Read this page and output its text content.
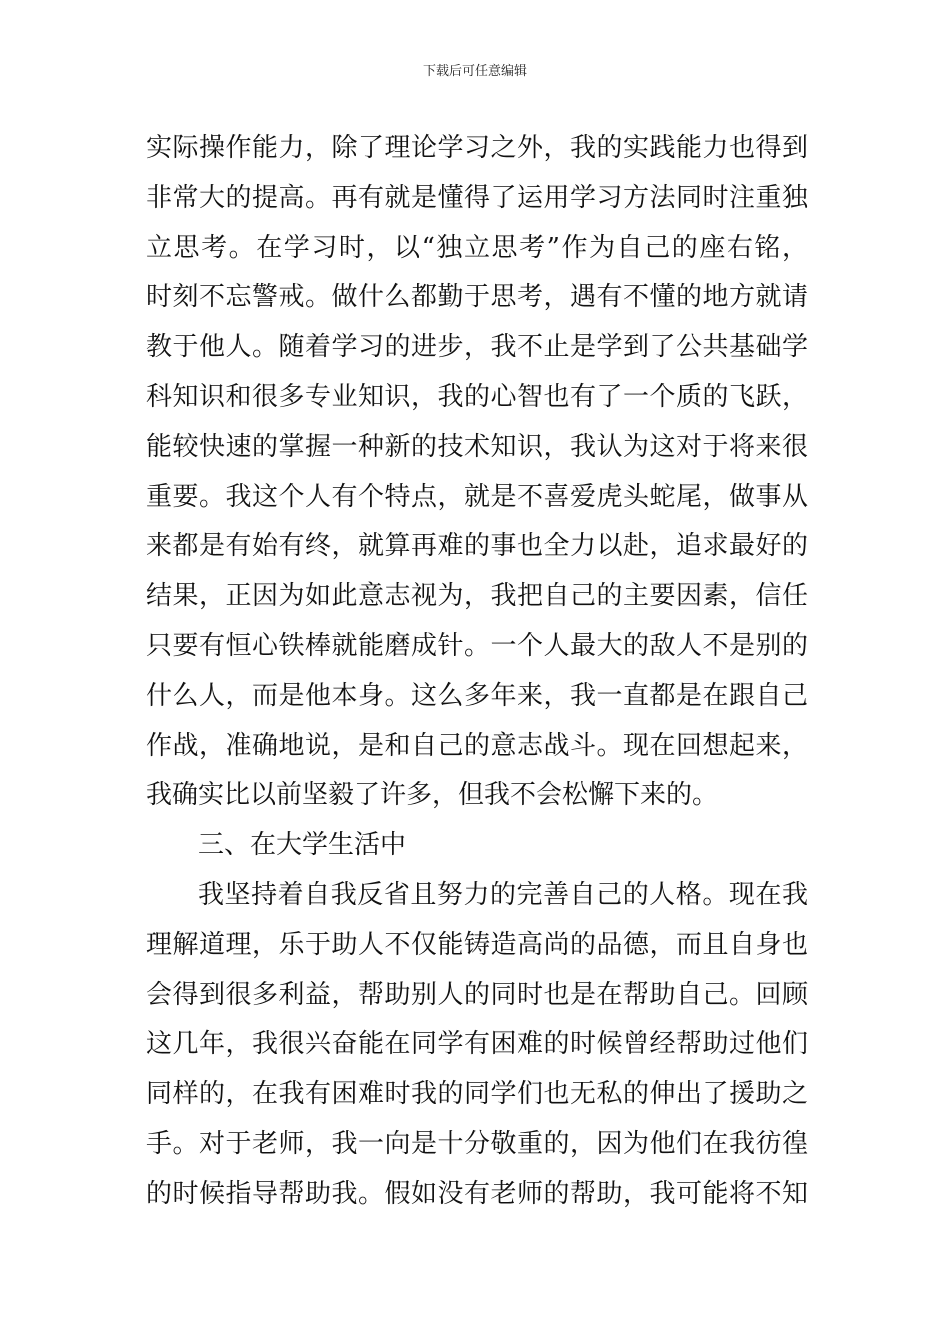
下载后可任意编辑
实际操作能力，除了理论学习之外，我的实践能力也得到
非常大的提高。再有就是懂得了运用学习方法同时注重独
立思考。在学习时，以“独立思考”作为自己的座右铭，
时刻不忘警戒。做什么都勤于思考，遇有不懂的地方就请
教于他人。随着学习的进步，我不止是学到了公共基础学
科知识和很多专业知识，我的心智也有了一个质的飞跃，
能较快速的掌握一种新的技术知识，我认为这对于将来很
重要。我这个人有个特点，就是不喜爱虎头蛇尾，做事从
来都是有始有终，就算再难的事也全力以赴，追求最好的
结果，正因为如此意志视为，我把自己的主要因素，信任
只要有恒心铁棒就能磨成针。一个人最大的敌人不是别的
什么人，而是他本身。这么多年来，我一直都是在跟自己
作战，准确地说，是和自己的意志战斗。现在回想起来，
我确实比以前坚毅了许多，但我不会松懈下来的。
三、在大学生活中
我坚持着自我反省且努力的完善自己的人格。现在我
理解道理，乐于助人不仅能铸造高尚的品德，而且自身也
会得到很多利益，帮助别人的同时也是在帮助自己。回顾
这几年，我很兴奋能在同学有困难的时候曾经帮助过他们
同样的，在我有困难时我的同学们也无私的伸出了援助之
手。对于老师，我一向是十分敬重的，因为他们在我彷徨
的时候指导帮助我。假如没有老师的帮助，我可能将不知
